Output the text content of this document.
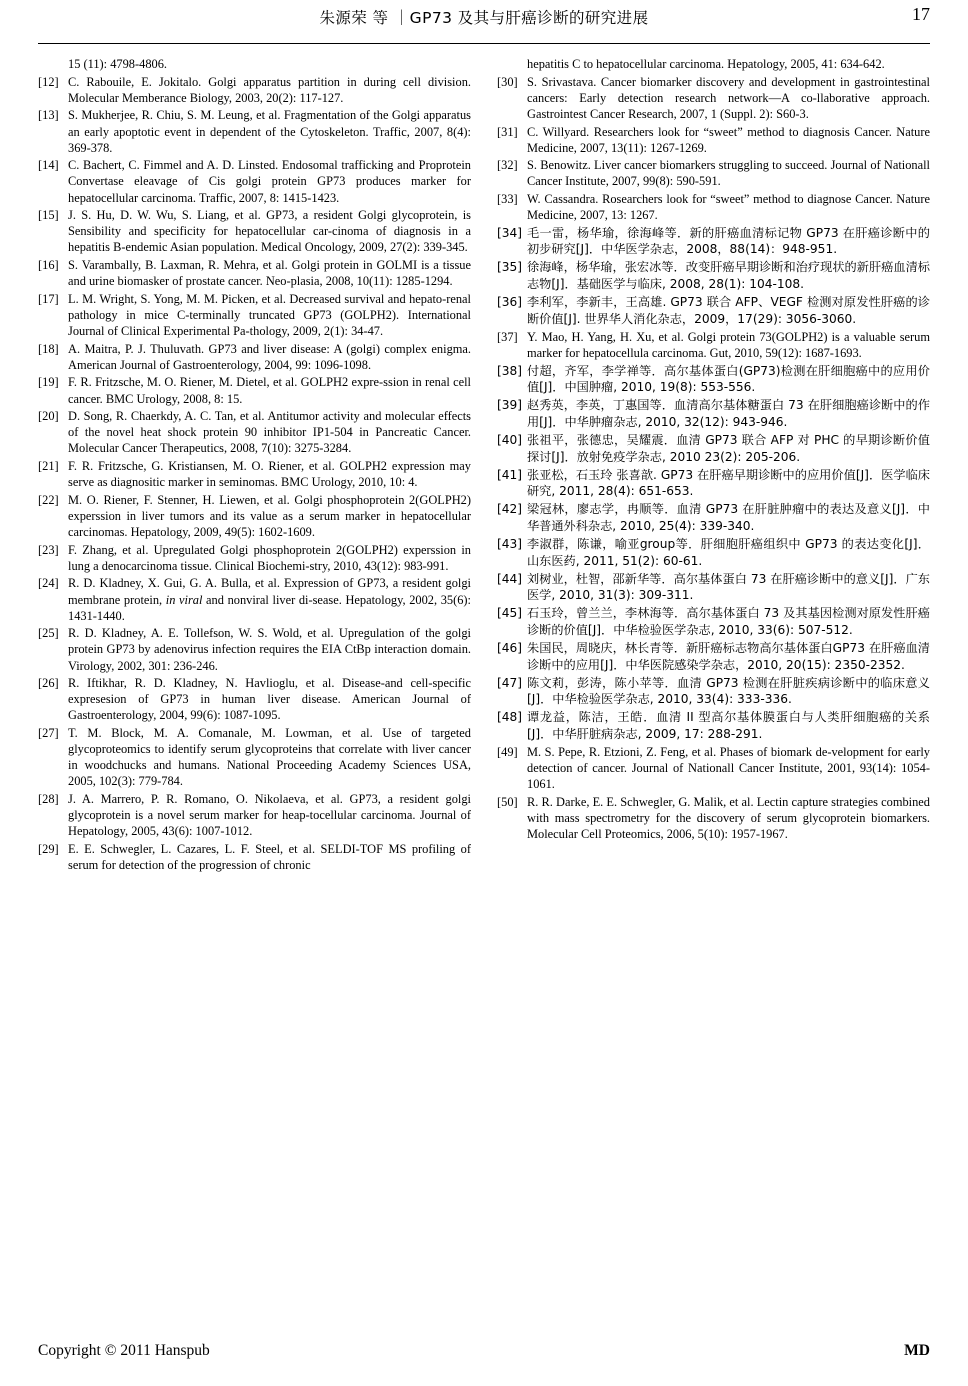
朱源荣 等 ｜GP73 及其与肝癌诊断的研究进展	17
15 (11): 4798-4806.
[12] C. Rabouile, E. Jokitalo. Golgi apparatus partition in during cell division. Molecular Memberance Biology, 2003, 20(2): 117-127.
[13] S. Mukherjee, R. Chiu, S. M. Leung, et al. Fragmentation of the Golgi apparatus an early apoptotic event in dependent of the Cytoskeleton. Traffic, 2007, 8(4): 369-378.
[14] C. Bachert, C. Fimmel and A. D. Linsted. Endosomal trafficking and Proprotein Convertase eleavage of Cis golgi protein GP73 produces marker for hepatocellular carcinoma. Traffic, 2007, 8: 1415-1423.
[15] J. S. Hu, D. W. Wu, S. Liang, et al. GP73, a resident Golgi glycoprotein, is Sensibility and specificity for hepatocellular car-cinoma of diagnosis in a hepatitis B-endemic Asian population. Medical Oncology, 2009, 27(2): 339-345.
[16] S. Varambally, B. Laxman, R. Mehra, et al. Golgi protein in GOLMI is a tissue and urine biomasker of prostate cancer. Neo-plasia, 2008, 10(11): 1285-1294.
[17] L. M. Wright, S. Yong, M. M. Picken, et al. Decreased survival and hepato-renal pathology in mice C-terminally truncated GP73 (GOLPH2). International Journal of Clinical Experimental Pa-thology, 2009, 2(1): 34-47.
[18] A. Maitra, P. J. Thuluvath. GP73 and liver disease: A (golgi) complex enigma. American Journal of Gastroenterology, 2004, 99: 1096-1098.
[19] F. R. Fritzsche, M. O. Riener, M. Dietel, et al. GOLPH2 expre-ssion in renal cell cancer. BMC Urology, 2008, 8: 15.
[20] D. Song, R. Chaerkdy, A. C. Tan, et al. Antitumor activity and molecular effects of the novel heat shock protein 90 inhibitor IP1-504 in Pancreatic Cancer. Molecular Cancer Therapeutics, 2008, 7(10): 3275-3284.
[21] F. R. Fritzsche, G. Kristiansen, M. O. Riener, et al. GOLPH2 expression may serve as diagnositic marker in seminomas. BMC Urology, 2010, 10: 4.
[22] M. O. Riener, F. Stenner, H. Liewen, et al. Golgi phosphoprotein 2(GOLPH2) experssion in liver tumors and its value as a serum marker in hepatocellular carcinomas. Hepatology, 2009, 49(5): 1602-1609.
[23] F. Zhang, et al. Upregulated Golgi phosphoprotein 2(GOLPH2) experssion in lung a denocarcinoma tissue. Clinical Biochemi-stry, 2010, 43(12): 983-991.
[24] R. D. Kladney, X. Gui, G. A. Bulla, et al. Expression of GP73, a resident golgi membrane protein, in viral and nonviral liver di-sease. Hepatology, 2002, 35(6): 1431-1440.
[25] R. D. Kladney, A. E. Tollefson, W. S. Wold, et al. Upregulation of the golgi protein GP73 by adenovirus infection requires the EIA CtBp interaction domain. Virology, 2002, 301: 236-246.
[26] R. Iftikhar, R. D. Kladney, N. Havlioglu, et al. Disease-and cell-specific expresesion of GP73 in human liver disease. American Journal of Gastroenterology, 2004, 99(6): 1087-1095.
[27] T. M. Block, M. A. Comanale, M. Lowman, et al. Use of targeted glycoproteomics to identify serum glycoproteins that correlate with liver cancer in woodchucks and humans. National Proceeding Academy Sciences USA, 2005, 102(3): 779-784.
[28] J. A. Marrero, P. R. Romano, O. Nikolaeva, et al. GP73, a resident golgi glycoprotein is a novel serum marker for heap-tocellular carcinoma. Journal of Hepatology, 2005, 43(6): 1007-1012.
[29] E. E. Schwegler, L. Cazares, L. F. Steel, et al. SELDI-TOF MS profiling of serum for detection of the progression of chronic
hepatitis C to hepatocellular carcinoma. Hepatology, 2005, 41: 634-642.
[30] S. Srivastava. Cancer biomarker discovery and development in gastrointestinal cancers: Early detection research network—A co-llaborative approach. Gastrointest Cancer Research, 2007, 1 (Suppl. 2): S60-3.
[31] C. Willyard. Researchers look for “sweet” method to diagnosis Cancer. Nature Medicine, 2007, 13(11): 1267-1269.
[32] S. Benowitz. Liver cancer biomarkers struggling to succeed. Journal of Nationall Cancer Institute, 2007, 99(8): 590-591.
[33] W. Cassandra. Rosearchers look for “sweet” method to diagnose Cancer. Nature Medicine, 2007, 13: 1267.
[34] 毛一雷，杨华瑜，徐海峰等．新的肝癌血清标记物 GP73 在肝癌诊断中的初步研究[J]．中华医学杂志，2008，88(14)：948-951.
[35] 徐海峰，杨华瑜，张宏冰等．改变肝癌早期诊断和治疗现状的新肝癌血清标志物[J]．基础医学与临床, 2008, 28(1): 104-108.
[36] 李利军，李新丰，王高雄. GP73 联合 AFP、VEGF 检测对原发性肝癌的诊断价值[J]. 世界华人消化杂志，2009，17(29): 3056-3060.
[37] Y. Mao, H. Yang, H. Xu, et al. Golgi protein 73(GOLPH2) is a valuable serum marker for hepatocellula carcinoma. Gut, 2010, 59(12): 1687-1693.
[38] 付超，齐军，李学禅等．高尔基体蛋白(GP73)检测在肝细胞癌中的应用价值[J]．中国肿瘤, 2010, 19(8): 553-556.
[39] 赵秀英，李英，丁惠国等．血清高尔基体糖蛋白 73 在肝细胞癌诊断中的作用[J]．中华肿瘤杂志, 2010, 32(12): 943-946.
[40] 张祖平，张德忠，吴耀震．血清 GP73 联合 AFP 对 PHC 的早期诊断价值探讨[J]．放射免疫学杂志, 2010 23(2): 205-206.
[41] 张亚松，石玉玲 张喜歆. GP73 在肝癌早期诊断中的应用价值[J]．医学临床研究, 2011, 28(4): 651-653.
[42] 梁冠林，廖志学，冉顺等．血清 GP73 在肝脏肿瘤中的表达及意义[J]．中华普通外科杂志, 2010, 25(4): 339-340.
[43] 李淑群，陈谦，喻亚group等．肝细胞肝癌组织中 GP73 的表达变化[J]．山东医药, 2011, 51(2): 60-61.
[44] 刘树业，杜智，邵新华等．高尔基体蛋白 73 在肝癌诊断中的意义[J]．广东医学, 2010, 31(3): 309-311.
[45] 石玉玲，曾兰兰，李林海等．高尔基体蛋白 73 及其基因检测对原发性肝癌诊断的价值[J]．中华检验医学杂志, 2010, 33(6): 507-512.
[46] 朱国民，周晓庆，林长青等．新肝癌标志物高尔基体蛋白GP73 在肝癌血清诊断中的应用[J]．中华医院感染学杂志，2010, 20(15): 2350-2352.
[47] 陈文莉，彭涛，陈小苹等．血清 GP73 检测在肝脏疾病诊断中的临床意义[J]．中华检验医学杂志, 2010, 33(4): 333-336.
[48] 谭龙益，陈洁，王皓．血清 II 型高尔基体膜蛋白与人类肝细胞癌的关系[J]．中华肝脏病杂志, 2009, 17: 288-291.
[49] M. S. Pepe, R. Etzioni, Z. Feng, et al. Phases of biomark de-velopment for early detection of cancer. Journal of Nationall Cancer Institute, 2001, 93(14): 1054-1061.
[50] R. R. Darke, E. E. Schwegler, G. Malik, et al. Lectin capture strategies combined with mass spectrometry for the discovery of serum glycoprotein biomarkers. Molecular Cell Proteomics, 2006, 5(10): 1957-1967.
Copyright © 2011 Hanspub	MD
